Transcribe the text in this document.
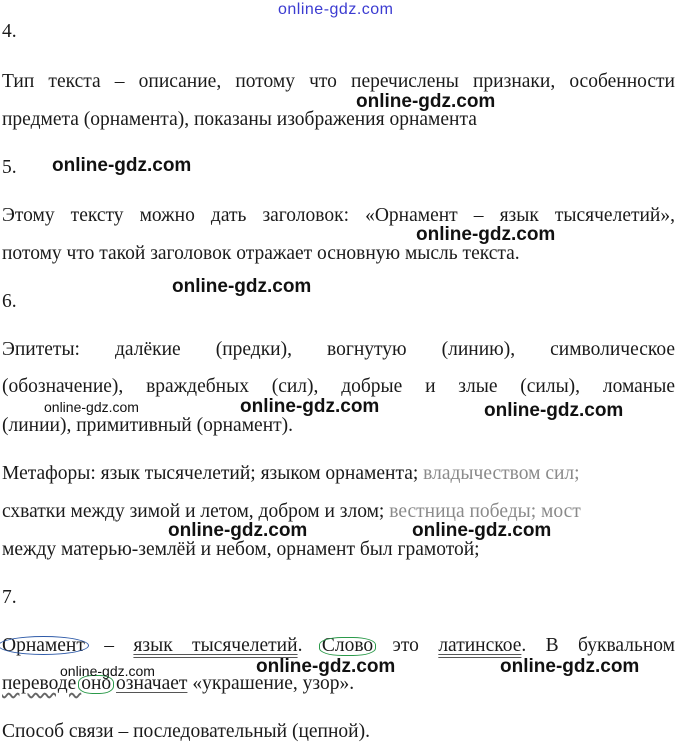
online-gdz.com
4.
Тип текста – описание, потому что перечислены признаки, особенности
предмета (орнамента), показаны изображения орнамента
5.
Этому тексту можно дать заголовок: «Орнамент – язык тысячелетий»,
потому что такой заголовок отражает основную мысль текста.
6.
Эпитеты: далёкие (предки), вогнутую (линию), символическое
(обозначение), враждебных (сил), добрые и злые (силы), ломаные
(линии), примитивный (орнамент).
Метафоры: язык тысячелетий; языком орнамента; владычеством сил;
схватки между зимой и летом, добром и злом; вестница победы; мост
между матерью-землёй и небом, орнамент был грамотой;
7.
Орнамент – язык тысячелетий. Слово это латинское. В буквальном
переводе оно означает «украшение, узор».
Способ связи – последовательный (цепной).
online-gdz.com
online-gdz.com
online-gdz.com
online-gdz.com
online-gdz.com	online-gdz.com	online-gdz.com
online-gdz.com	online-gdz.com
online-gdz.com	online-gdz.com	online-gdz.com
